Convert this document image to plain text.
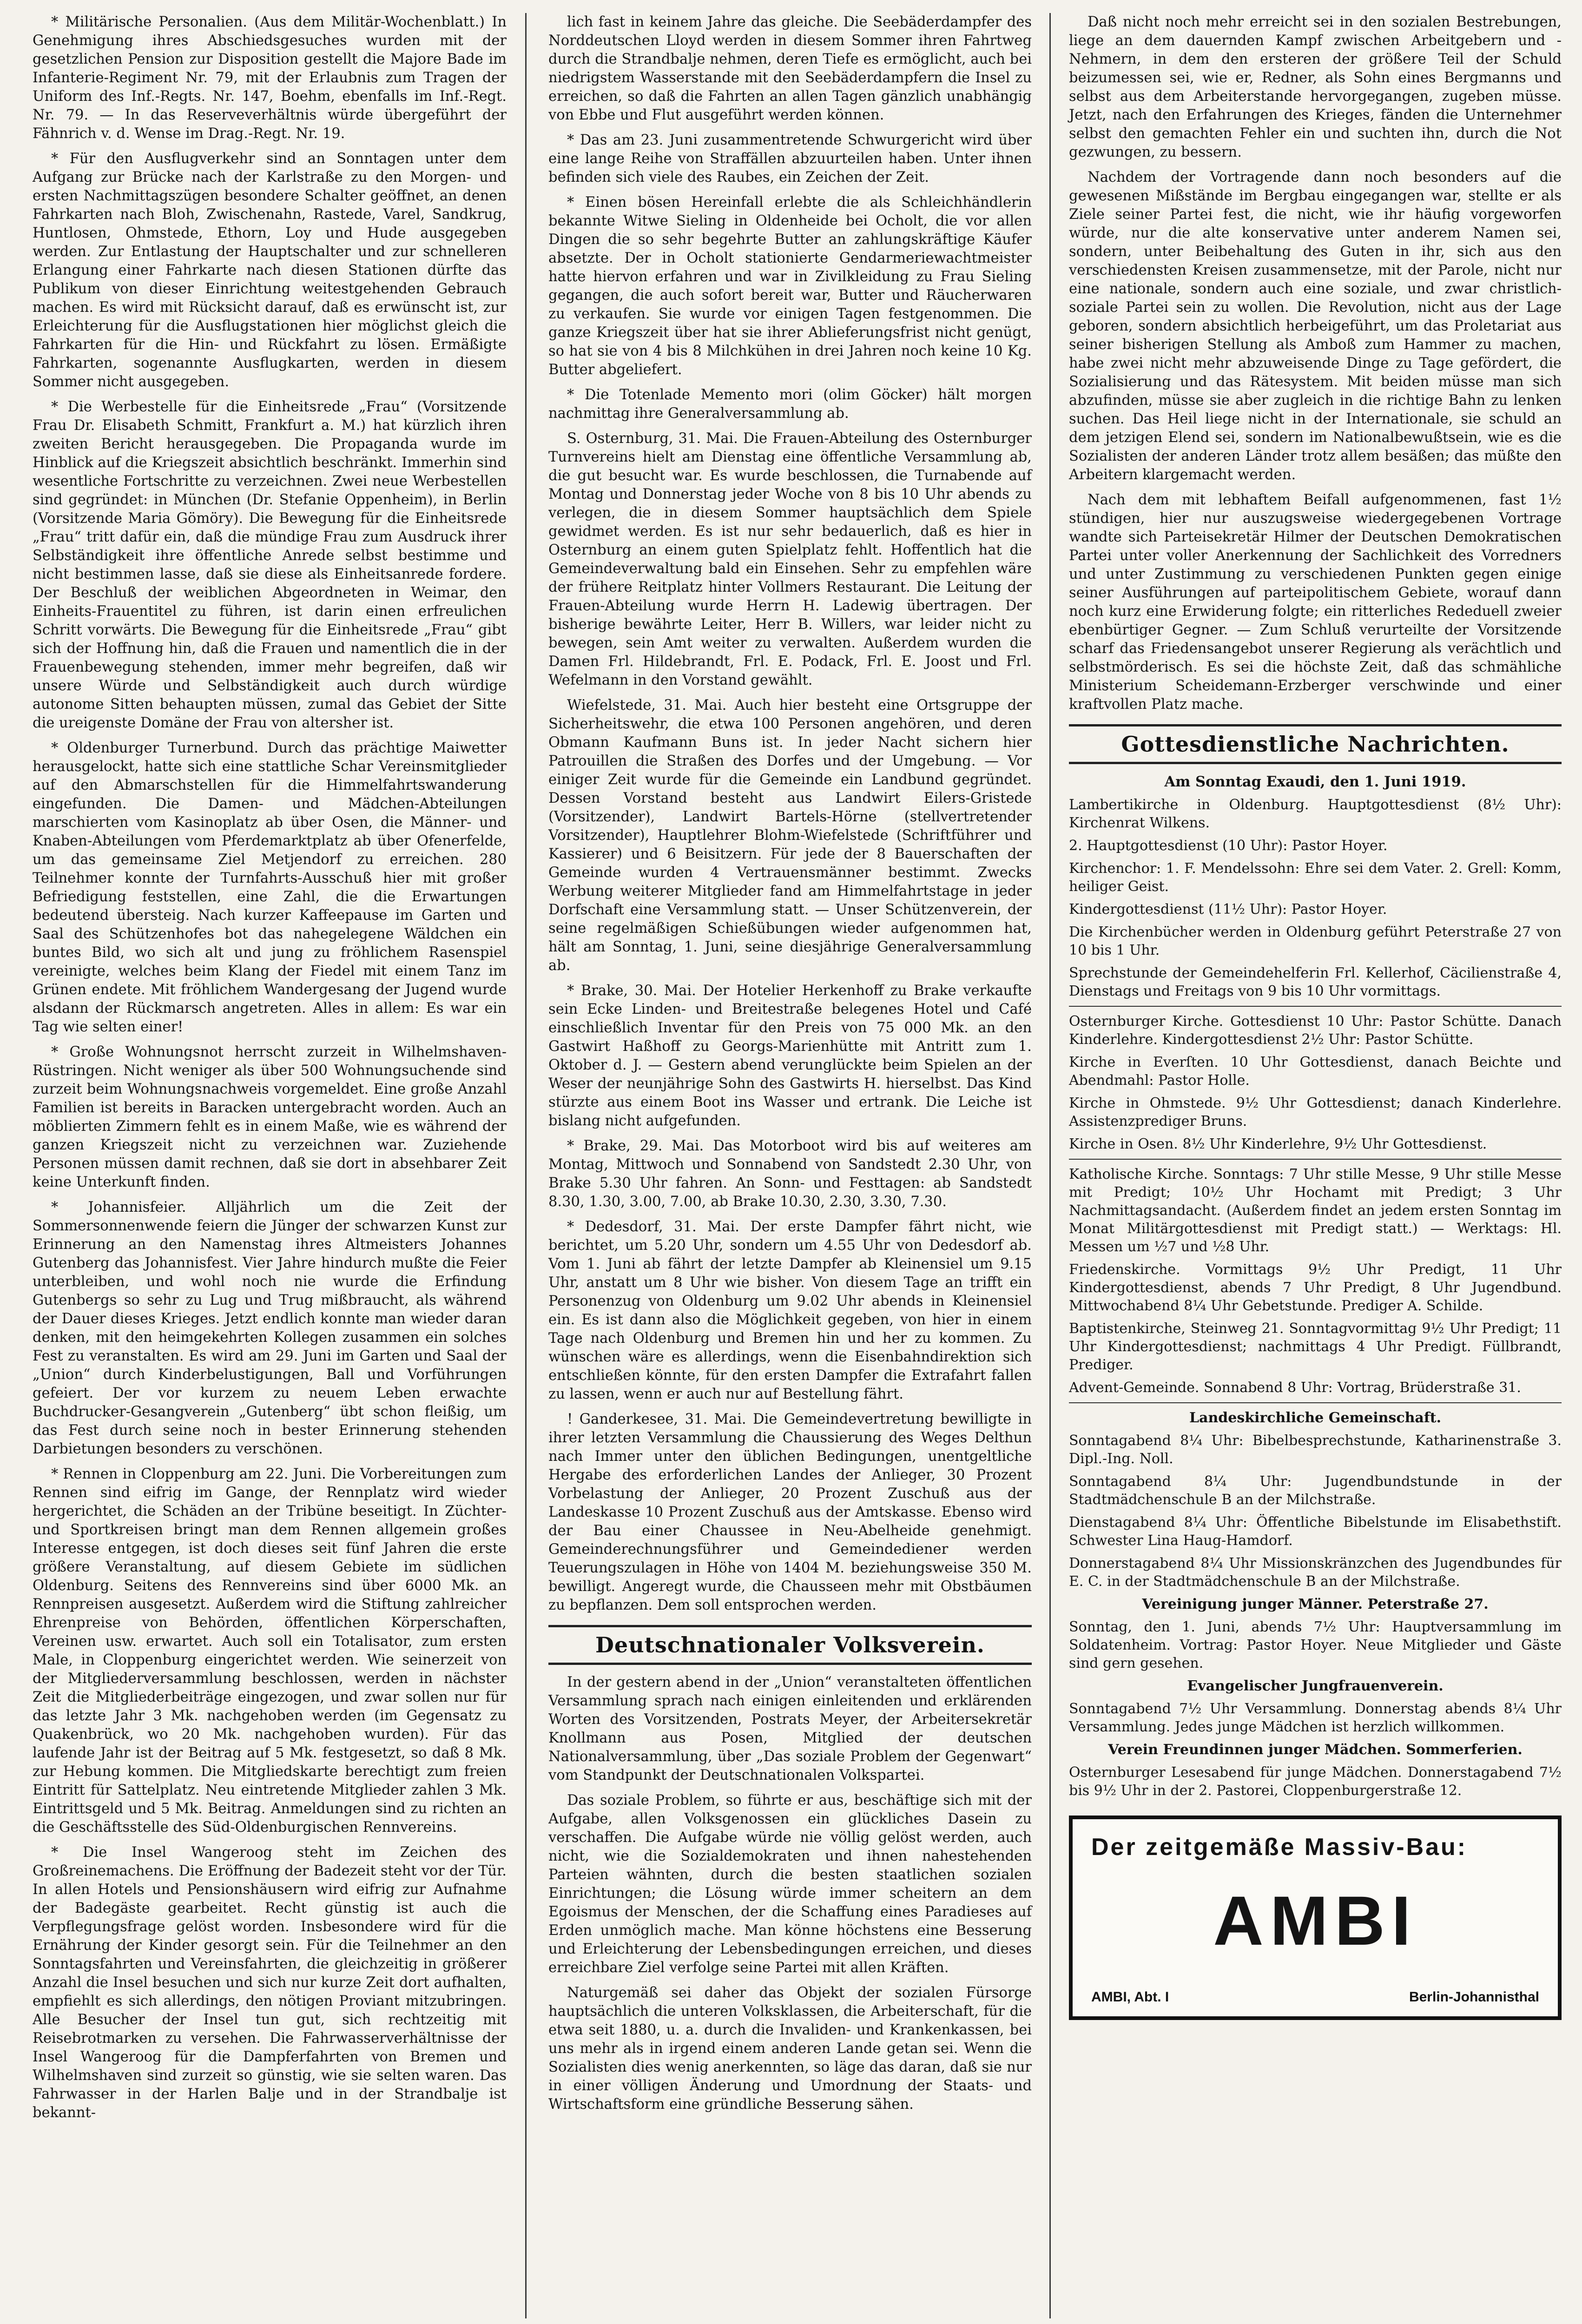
* Militärische Personalien. (Aus dem Militär-Wochenblatt.) In Genehmigung ihres Abschiedsgesuches wurden mit der gesetzlichen Pension zur Disposition gestellt die Majore Bade im Infanterie-Regiment Nr. 79, mit der Erlaubnis zum Tragen der Uniform des Inf.-Regts. Nr. 147, Boehm, ebenfalls im Inf.-Regt. Nr. 79. — In das Reserveverhältnis würde übergeführt der Fähnrich v. d. Wense im Drag.-Regt. Nr. 19.

* Für den Ausflugverkehr sind an Sonntagen unter dem Aufgang zur Brücke nach der Karlstraße zu den Morgen- und ersten Nachmittagszügen besondere Schalter geöffnet, an denen Fahrkarten nach Bloh, Zwischenahn, Rastede, Varel, Sandkrug, Huntlosen, Ohmstede, Ethorn, Loy und Hude ausgegeben werden. Zur Entlastung der Hauptschalter und zur schnelleren Erlangung einer Fahrkarte nach diesen Stationen dürfte das Publikum von dieser Einrichtung weitestgehenden Gebrauch machen. Es wird mit Rücksicht darauf, daß es erwünscht ist, zur Erleichterung für die Ausflugstationen hier möglichst gleich die Fahrkarten für die Hin- und Rückfahrt zu lösen. Ermäßigte Fahrkarten, sogenannte Ausflugkarten, werden in diesem Sommer nicht ausgegeben.

* Die Werbestelle für die Einheitsrede „Frau“ (Vorsitzende Frau Dr. Elisabeth Schmitt, Frankfurt a. M.) hat kürzlich ihren zweiten Bericht herausgegeben. Die Propaganda wurde im Hinblick auf die Kriegszeit absichtlich beschränkt. Immerhin sind wesentliche Fortschritte zu verzeichnen. Zwei neue Werbestellen sind gegründet: in München (Dr. Stefanie Oppenheim), in Berlin (Vorsitzende Maria Gömöry). Die Bewegung für die Einheitsrede „Frau“ tritt dafür ein, daß die mündige Frau zum Ausdruck ihrer Selbständigkeit ihre öffentliche Anrede selbst bestimme und nicht bestimmen lasse, daß sie diese als Einheitsanrede fordere. Der Beschluß der weiblichen Abgeordneten in Weimar, den Einheits-Frauentitel zu führen, ist darin einen erfreulichen Schritt vorwärts. Die Bewegung für die Einheitsrede „Frau“ gibt sich der Hoffnung hin, daß die Frauen und namentlich die in der Frauenbewegung stehenden, immer mehr begreifen, daß wir unsere Würde und Selbständigkeit auch durch würdige autonome Sitten behaupten müssen, zumal das Gebiet der Sitte die ureigenste Domäne der Frau von altersher ist.

* Oldenburger Turnerbund. Durch das prächtige Maiwetter herausgelockt, hatte sich eine stattliche Schar Vereinsmitglieder auf den Abmarschstellen für die Himmelfahrtswanderung eingefunden. Die Damen- und Mädchen-Abteilungen marschierten vom Kasinoplatz ab über Osen, die Männer- und Knaben-Abteilungen vom Pferdemarktplatz ab über Ofenerfelde, um das gemeinsame Ziel Metjendorf zu erreichen. 280 Teilnehmer konnte der Turnfahrts-Ausschuß hier mit großer Befriedigung feststellen, eine Zahl, die die Erwartungen bedeutend übersteig. Nach kurzer Kaffeepause im Garten und Saal des Schützenhofes bot das nahegelegene Wäldchen ein buntes Bild, wo sich alt und jung zu fröhlichem Rasenspiel vereinigte, welches beim Klang der Fiedel mit einem Tanz im Grünen endete. Mit fröhlichem Wandergesang der Jugend wurde alsdann der Rückmarsch angetreten. Alles in allem: Es war ein Tag wie selten einer!

* Große Wohnungsnot herrscht zurzeit in Wilhelmshaven-Rüstringen. Nicht weniger als über 500 Wohnungsuchende sind zurzeit beim Wohnungsnachweis vorgemeldet. Eine große Anzahl Familien ist bereits in Baracken untergebracht worden. Auch an möblierten Zimmern fehlt es in einem Maße, wie es während der ganzen Kriegszeit nicht zu verzeichnen war. Zuziehende Personen müssen damit rechnen, daß sie dort in absehbarer Zeit keine Unterkunft finden.

* Johannisfeier. Alljährlich um die Zeit der Sommersonnenwende feiern die Jünger der schwarzen Kunst zur Erinnerung an den Namenstag ihres Altmeisters Johannes Gutenberg das Johannisfest. Vier Jahre hindurch mußte die Feier unterbleiben, und wohl noch nie wurde die Erfindung Gutenbergs so sehr zu Lug und Trug mißbraucht, als während der Dauer dieses Krieges. Jetzt endlich konnte man wieder daran denken, mit den heimgekehrten Kollegen zusammen ein solches Fest zu veranstalten. Es wird am 29. Juni im Garten und Saal der „Union“ durch Kinderbelustigungen, Ball und Vorführungen gefeiert. Der vor kurzem zu neuem Leben erwachte Buchdrucker-Gesangverein „Gutenberg“ übt schon fleißig, um das Fest durch seine noch in bester Erinnerung stehenden Darbietungen besonders zu verschönen.

* Rennen in Cloppenburg am 22. Juni. Die Vorbereitungen zum Rennen sind eifrig im Gange, der Rennplatz wird wieder hergerichtet, die Schäden an der Tribüne beseitigt. In Züchter- und Sportkreisen bringt man dem Rennen allgemein großes Interesse entgegen, ist doch dieses seit fünf Jahren die erste größere Veranstaltung, auf diesem Gebiete im südlichen Oldenburg. Seitens des Rennvereins sind über 6000 Mk. an Rennpreisen ausgesetzt. Außerdem wird die Stiftung zahlreicher Ehrenpreise von Behörden, öffentlichen Körperschaften, Vereinen usw. erwartet. Auch soll ein Totalisator, zum ersten Male, in Cloppenburg eingerichtet werden. Wie seinerzeit von der Mitgliederversammlung beschlossen, werden in nächster Zeit die Mitgliederbeiträge eingezogen, und zwar sollen nur für das letzte Jahr 3 Mk. nachgehoben werden (im Gegensatz zu Quakenbrück, wo 20 Mk. nachgehoben wurden). Für das laufende Jahr ist der Beitrag auf 5 Mk. festgesetzt, so daß 8 Mk. zur Hebung kommen. Die Mitgliedskarte berechtigt zum freien Eintritt für Sattelplatz. Neu eintretende Mitglieder zahlen 3 Mk. Eintrittsgeld und 5 Mk. Beitrag. Anmeldungen sind zu richten an die Geschäftsstelle des Süd-Oldenburgischen Rennvereins.

* Die Insel Wangeroog steht im Zeichen des Großreinemachens. Die Eröffnung der Badezeit steht vor der Tür. In allen Hotels und Pensionshäusern wird eifrig zur Aufnahme der Badegäste gearbeitet. Recht günstig ist auch die Verpflegungsfrage gelöst worden. Insbesondere wird für die Ernährung der Kinder gesorgt sein. Für die Teilnehmer an den Sonntagsfahrten und Vereinsfahrten, die gleichzeitig in größerer Anzahl die Insel besuchen und sich nur kurze Zeit dort aufhalten, empfiehlt es sich allerdings, den nötigen Proviant mitzubringen. Alle Besucher der Insel tun gut, sich rechtzeitig mit Reisebrotmarken zu versehen. Die Fahrwasserverhältnisse der Insel Wangeroog für die Dampferfahrten von Bremen und Wilhelmshaven sind zurzeit so günstig, wie sie selten waren. Das Fahrwasser in der Harlen Balje und in der Strandbalje ist bekannt-

lich fast in keinem Jahre das gleiche. Die Seebäderdampfer des Norddeutschen Lloyd werden in diesem Sommer ihren Fahrtweg durch die Strandbalje nehmen, deren Tiefe es ermöglicht, auch bei niedrigstem Wasserstande mit den Seebäderdampfern die Insel zu erreichen, so daß die Fahrten an allen Tagen gänzlich unabhängig von Ebbe und Flut ausgeführt werden können.

* Das am 23. Juni zusammentretende Schwurgericht wird über eine lange Reihe von Straffällen abzuurteilen haben. Unter ihnen befinden sich viele des Raubes, ein Zeichen der Zeit.

* Einen bösen Hereinfall erlebte die als Schleichhändlerin bekannte Witwe Sieling in Oldenheide bei Ocholt, die vor allen Dingen die so sehr begehrte Butter an zahlungskräftige Käufer absetzte. Der in Ocholt stationierte Gendarmeriewachtmeister hatte hiervon erfahren und war in Zivilkleidung zu Frau Sieling gegangen, die auch sofort bereit war, Butter und Räucherwaren zu verkaufen. Sie wurde vor einigen Tagen festgenommen. Die ganze Kriegszeit über hat sie ihrer Ablieferungsfrist nicht genügt, so hat sie von 4 bis 8 Milchkühen in drei Jahren noch keine 10 Kg. Butter abgeliefert.

* Die Totenlade Memento mori (olim Göcker) hält morgen nachmittag ihre Generalversammlung ab.

S. Osternburg, 31. Mai. Die Frauen-Abteilung des Osternburger Turnvereins hielt am Dienstag eine öffentliche Versammlung ab, die gut besucht war. Es wurde beschlossen, die Turnabende auf Montag und Donnerstag jeder Woche von 8 bis 10 Uhr abends zu verlegen, die in diesem Sommer hauptsächlich dem Spiele gewidmet werden. Es ist nur sehr bedauerlich, daß es hier in Osternburg an einem guten Spielplatz fehlt. Hoffentlich hat die Gemeindeverwaltung bald ein Einsehen. Sehr zu empfehlen wäre der frühere Reitplatz hinter Vollmers Restaurant. Die Leitung der Frauen-Abteilung wurde Herrn H. Ladewig übertragen. Der bisherige bewährte Leiter, Herr B. Willers, war leider nicht zu bewegen, sein Amt weiter zu verwalten. Außerdem wurden die Damen Frl. Hildebrandt, Frl. E. Podack, Frl. E. Joost und Frl. Wefelmann in den Vorstand gewählt.

Wiefelstede, 31. Mai. Auch hier besteht eine Ortsgruppe der Sicherheitswehr, die etwa 100 Personen angehören, und deren Obmann Kaufmann Buns ist. In jeder Nacht sichern hier Patrouillen die Straßen des Dorfes und der Umgebung. — Vor einiger Zeit wurde für die Gemeinde ein Landbund gegründet. Dessen Vorstand besteht aus Landwirt Eilers-Gristede (Vorsitzender), Landwirt Bartels-Hörne (stellvertretender Vorsitzender), Hauptlehrer Blohm-Wiefelstede (Schriftführer und Kassierer) und 6 Beisitzern. Für jede der 8 Bauerschaften der Gemeinde wurden 4 Vertrauensmänner bestimmt. Zwecks Werbung weiterer Mitglieder fand am Himmelfahrtstage in jeder Dorfschaft eine Versammlung statt. — Unser Schützenverein, der seine regelmäßigen Schießübungen wieder aufgenommen hat, hält am Sonntag, 1. Juni, seine diesjährige Generalversammlung ab.

* Brake, 30. Mai. Der Hotelier Herkenhoff zu Brake verkaufte sein Ecke Linden- und Breitestraße belegenes Hotel und Café einschließlich Inventar für den Preis von 75 000 Mk. an den Gastwirt Haßhoff zu Georgs-Marienhütte mit Antritt zum 1. Oktober d. J. — Gestern abend verunglückte beim Spielen an der Weser der neunjährige Sohn des Gastwirts H. hierselbst. Das Kind stürzte aus einem Boot ins Wasser und ertrank. Die Leiche ist bislang nicht aufgefunden.

* Brake, 29. Mai. Das Motorboot wird bis auf weiteres am Montag, Mittwoch und Sonnabend von Sandstedt 2.30 Uhr, von Brake 5.30 Uhr fahren. An Sonn- und Festtagen: ab Sandstedt 8.30, 1.30, 3.00, 7.00, ab Brake 10.30, 2.30, 3.30, 7.30.

* Dedesdorf, 31. Mai. Der erste Dampfer fährt nicht, wie berichtet, um 5.20 Uhr, sondern um 4.55 Uhr von Dedesdorf ab. Vom 1. Juni ab fährt der letzte Dampfer ab Kleinensiel um 9.15 Uhr, anstatt um 8 Uhr wie bisher. Von diesem Tage an trifft ein Personenzug von Oldenburg um 9.02 Uhr abends in Kleinensiel ein. Es ist dann also die Möglichkeit gegeben, von hier in einem Tage nach Oldenburg und Bremen hin und her zu kommen. Zu wünschen wäre es allerdings, wenn die Eisenbahndirektion sich entschließen könnte, für den ersten Dampfer die Extrafahrt fallen zu lassen, wenn er auch nur auf Bestellung fährt.

! Ganderkesee, 31. Mai. Die Gemeindevertretung bewilligte in ihrer letzten Versammlung die Chaussierung des Weges Delthun nach Immer unter den üblichen Bedingungen, unentgeltliche Hergabe des erforderlichen Landes der Anlieger, 30 Prozent Vorbelastung der Anlieger, 20 Prozent Zuschuß aus der Landeskasse 10 Prozent Zuschuß aus der Amtskasse. Ebenso wird der Bau einer Chaussee in Neu-Abelheide genehmigt. Gemeinderechnungsführer und Gemeindediener werden Teuerungszulagen in Höhe von 1404 M. beziehungsweise 350 M. bewilligt. Angeregt wurde, die Chausseen mehr mit Obstbäumen zu bepflanzen. Dem soll entsprochen werden.

Deutschnationaler Volksverein.

In der gestern abend in der „Union“ veranstalteten öffentlichen Versammlung sprach nach einigen einleitenden und erklärenden Worten des Vorsitzenden, Postrats Meyer, der Arbeitersekretär Knollmann aus Posen, Mitglied der deutschen Nationalversammlung, über „Das soziale Problem der Gegenwart“ vom Standpunkt der Deutschnationalen Volkspartei.

Das soziale Problem, so führte er aus, beschäftige sich mit der Aufgabe, allen Volksgenossen ein glückliches Dasein zu verschaffen. Die Aufgabe würde nie völlig gelöst werden, auch nicht, wie die Sozialdemokraten und ihnen nahestehenden Parteien wähnten, durch die besten staatlichen sozialen Einrichtungen; die Lösung würde immer scheitern an dem Egoismus der Menschen, der die Schaffung eines Paradieses auf Erden unmöglich mache. Man könne höchstens eine Besserung und Erleichterung der Lebensbedingungen erreichen, und dieses erreichbare Ziel verfolge seine Partei mit allen Kräften.

Naturgemäß sei daher das Objekt der sozialen Fürsorge hauptsächlich die unteren Volksklassen, die Arbeiterschaft, für die etwa seit 1880, u. a. durch die Invaliden- und Krankenkassen, bei uns mehr als in irgend einem anderen Lande getan sei. Wenn die Sozialisten dies wenig anerkennten, so läge das daran, daß sie nur in einer völligen Änderung und Umordnung der Staats- und Wirtschaftsform eine gründliche Besserung sähen.

Daß nicht noch mehr erreicht sei in den sozialen Bestrebungen, liege an dem dauernden Kampf zwischen Arbeitgebern und -Nehmern, in dem den ersteren der größere Teil der Schuld beizumessen sei, wie er, Redner, als Sohn eines Bergmanns und selbst aus dem Arbeiterstande hervorgegangen, zugeben müsse. Jetzt, nach den Erfahrungen des Krieges, fänden die Unternehmer selbst den gemachten Fehler ein und suchten ihn, durch die Not gezwungen, zu bessern.

Nachdem der Vortragende dann noch besonders auf die gewesenen Mißstände im Bergbau eingegangen war, stellte er als Ziele seiner Partei fest, die nicht, wie ihr häufig vorgeworfen würde, nur die alte konservative unter anderem Namen sei, sondern, unter Beibehaltung des Guten in ihr, sich aus den verschiedensten Kreisen zusammensetze, mit der Parole, nicht nur eine nationale, sondern auch eine soziale, und zwar christlich-soziale Partei sein zu wollen. Die Revolution, nicht aus der Lage geboren, sondern absichtlich herbeigeführt, um das Proletariat aus seiner bisherigen Stellung als Amboß zum Hammer zu machen, habe zwei nicht mehr abzuweisende Dinge zu Tage gefördert, die Sozialisierung und das Rätesystem. Mit beiden müsse man sich abzufinden, müsse sie aber zugleich in die richtige Bahn zu lenken suchen. Das Heil liege nicht in der Internationale, sie schuld an dem jetzigen Elend sei, sondern im Nationalbewußtsein, wie es die Sozialisten der anderen Länder trotz allem besäßen; das müßte den Arbeitern klargemacht werden.

Nach dem mit lebhaftem Beifall aufgenommenen, fast 1½ stündigen, hier nur auszugsweise wiedergegebenen Vortrage wandte sich Parteisekretär Hilmer der Deutschen Demokratischen Partei unter voller Anerkennung der Sachlichkeit des Vorredners und unter Zustimmung zu verschiedenen Punkten gegen einige seiner Ausführungen auf parteipolitischem Gebiete, worauf dann noch kurz eine Erwiderung folgte; ein ritterliches Rededuell zweier ebenbürtiger Gegner. — Zum Schluß verurteilte der Vorsitzende scharf das Friedensangebot unserer Regierung als verächtlich und selbstmörderisch. Es sei die höchste Zeit, daß das schmähliche Ministerium Scheidemann-Erzberger verschwinde und einer kraftvollen Platz mache.

Gottesdienstliche Nachrichten.
Am Sonntag Exaudi, den 1. Juni 1919.

Lambertikirche in Oldenburg. Hauptgottesdienst (8½ Uhr): Kirchenrat Wilkens.

2. Hauptgottesdienst (10 Uhr): Pastor Hoyer.

Kirchenchor: 1. F. Mendelssohn: Ehre sei dem Vater. 2. Grell: Komm, heiliger Geist.

Kindergottesdienst (11½ Uhr): Pastor Hoyer.

Die Kirchenbücher werden in Oldenburg geführt Peterstraße 27 von 10 bis 1 Uhr.

Sprechstunde der Gemeindehelferin Frl. Kellerhof, Cäcilienstraße 4, Dienstags und Freitags von 9 bis 10 Uhr vormittags.

Osternburger Kirche. Gottesdienst 10 Uhr: Pastor Schütte. Danach Kinderlehre. Kindergottesdienst 2½ Uhr: Pastor Schütte.

Kirche in Everſten. 10 Uhr Gottesdienst, danach Beichte und Abendmahl: Pastor Holle.

Kirche in Ohmstede. 9½ Uhr Gottesdienst; danach Kinderlehre. Assistenzprediger Bruns.

Kirche in Osen. 8½ Uhr Kinderlehre, 9½ Uhr Gottesdienst.

Katholische Kirche. Sonntags: 7 Uhr stille Messe, 9 Uhr stille Messe mit Predigt; 10½ Uhr Hochamt mit Predigt; 3 Uhr Nachmittagsandacht. (Außerdem findet an jedem ersten Sonntag im Monat Militärgottesdienst mit Predigt statt.) — Werktags: Hl. Messen um ½7 und ½8 Uhr.

Friedenskirche. Vormittags 9½ Uhr Predigt, 11 Uhr Kindergottesdienst, abends 7 Uhr Predigt, 8 Uhr Jugendbund. Mittwochabend 8¼ Uhr Gebetstunde. Prediger A. Schilde.

Baptistenkirche, Steinweg 21. Sonntagvormittag 9½ Uhr Predigt; 11 Uhr Kindergottesdienst; nachmittags 4 Uhr Predigt. Füllbrandt, Prediger.

Advent-Gemeinde. Sonnabend 8 Uhr: Vortrag, Brüderstraße 31.

Landeskirchliche Gemeinschaft.

Sonntagabend 8¼ Uhr: Bibelbesprechstunde, Katharinenstraße 3. Dipl.-Ing. Noll.

Sonntagabend 8¼ Uhr: Jugendbundstunde in der Stadtmädchenschule B an der Milchstraße.

Dienstagabend 8¼ Uhr: Öffentliche Bibelstunde im Elisabethstift. Schwester Lina Haug-Hamdorf.

Donnerstagabend 8¼ Uhr Missionskränzchen des Jugendbundes für E. C. in der Stadtmädchenschule B an der Milchstraße.

Vereinigung junger Männer. Peterstraße 27.

Sonntag, den 1. Juni, abends 7½ Uhr: Hauptversammlung im Soldatenheim. Vortrag: Pastor Hoyer. Neue Mitglieder und Gäste sind gern gesehen.

Evangelischer Jungfrauenverein.

Sonntagabend 7½ Uhr Versammlung. Donnerstag abends 8¼ Uhr Versammlung. Jedes junge Mädchen ist herzlich willkommen.

Verein Freundinnen junger Mädchen. Sommerferien.

Osternburger Lesesabend für junge Mädchen. Donnerstagabend 7½ bis 9½ Uhr in der 2. Pastorei, Cloppenburgerstraße 12.

Der zeitgemäße Massiv-Bau:
AMBI
AMBI, Abt. I	Berlin-Johannisthal
